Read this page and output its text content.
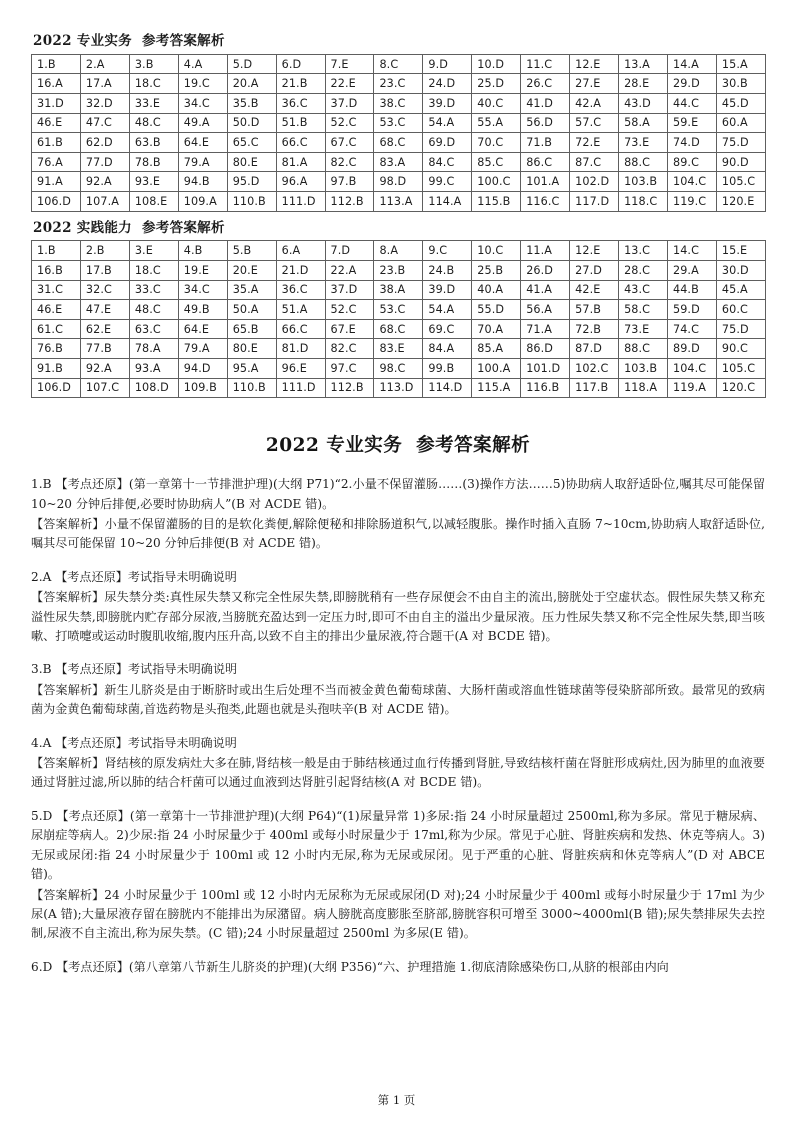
2022 专业实务  参考答案解析
1.B	2.A	3.B	4.A	5.D	6.D	7.E	8.C	9.D	10.D	11.C	12.E	13.A	14.A	15.A
16.A	17.A	18.C	19.C	20.A	21.B	22.E	23.C	24.D	25.D	26.C	27.E	28.E	29.D	30.B
31.D	32.D	33.E	34.C	35.B	36.C	37.D	38.C	39.D	40.C	41.D	42.A	43.D	44.C	45.D
46.E	47.C	48.C	49.A	50.D	51.B	52.C	53.C	54.A	55.A	56.D	57.C	58.A	59.E	60.A
61.B	62.D	63.B	64.E	65.C	66.C	67.C	68.C	69.D	70.C	71.B	72.E	73.E	74.D	75.D
76.A	77.D	78.B	79.A	80.E	81.A	82.C	83.A	84.C	85.C	86.C	87.C	88.C	89.C	90.D
91.A	92.A	93.E	94.B	95.D	96.A	97.B	98.D	99.C	100.C	101.A	102.D	103.B	104.C	105.C
106.D	107.A	108.E	109.A	110.B	111.D	112.B	113.A	114.A	115.B	116.C	117.D	118.C	119.C	120.E
2022 实践能力  参考答案解析
1.B	2.B	3.E	4.B	5.B	6.A	7.D	8.A	9.C	10.C	11.A	12.E	13.C	14.C	15.E
16.B	17.B	18.C	19.E	20.E	21.D	22.A	23.B	24.B	25.B	26.D	27.D	28.C	29.A	30.D
31.C	32.C	33.C	34.C	35.A	36.C	37.D	38.A	39.D	40.A	41.A	42.E	43.C	44.B	45.A
46.E	47.E	48.C	49.B	50.A	51.A	52.C	53.C	54.A	55.D	56.A	57.B	58.C	59.D	60.C
61.C	62.E	63.C	64.E	65.B	66.C	67.E	68.C	69.C	70.A	71.A	72.B	73.E	74.C	75.D
76.B	77.B	78.A	79.A	80.E	81.D	82.C	83.E	84.A	85.A	86.D	87.D	88.C	89.D	90.C
91.B	92.A	93.A	94.D	95.A	96.E	97.C	98.C	99.B	100.A	101.D	102.C	103.B	104.C	105.C
106.D	107.C	108.D	109.B	110.B	111.D	112.B	113.D	114.D	115.A	116.B	117.B	118.A	119.A	120.C
2022 专业实务  参考答案解析

1.B 【考点还原】(第一章第十一节排泄护理)(大纲 P71)“2.小量不保留灌肠……(3)操作方法……5)协助病人取舒适卧位,嘱其尽可能保留 10~20 分钟后排便,必要时协助病人”(B 对 ACDE 错)。

【答案解析】小量不保留灌肠的目的是软化粪便,解除便秘和排除肠道积气,以减轻腹胀。操作时插入直肠 7~10cm,协助病人取舒适卧位,嘱其尽可能保留 10~20 分钟后排便(B 对 ACDE 错)。

2.A 【考点还原】考试指导未明确说明

【答案解析】尿失禁分类:真性尿失禁又称完全性尿失禁,即膀胱稍有一些存尿便会不由自主的流出,膀胱处于空虚状态。假性尿失禁又称充溢性尿失禁,即膀胱内贮存部分尿液,当膀胱充盈达到一定压力时,即可不由自主的溢出少量尿液。压力性尿失禁又称不完全性尿失禁,即当咳嗽、打喷嚏或运动时腹肌收缩,腹内压升高,以致不自主的排出少量尿液,符合题干(A 对 BCDE 错)。

3.B 【考点还原】考试指导未明确说明

【答案解析】新生儿脐炎是由于断脐时或出生后处理不当而被金黄色葡萄球菌、大肠杆菌或溶血性链球菌等侵染脐部所致。最常见的致病菌为金黄色葡萄球菌,首选药物是头孢类,此题也就是头孢呋辛(B 对 ACDE 错)。

4.A 【考点还原】考试指导未明确说明

【答案解析】肾结核的原发病灶大多在肺,肾结核一般是由于肺结核通过血行传播到肾脏,导致结核杆菌在肾脏形成病灶,因为肺里的血液要通过肾脏过滤,所以肺的结合杆菌可以通过血液到达肾脏引起肾结核(A 对 BCDE 错)。

5.D 【考点还原】(第一章第十一节排泄护理)(大纲 P64)“(1)尿量异常 1)多尿:指 24 小时尿量超过 2500ml,称为多尿。常见于糖尿病、尿崩症等病人。2)少尿:指 24 小时尿量少于 400ml 或每小时尿量少于 17ml,称为少尿。常见于心脏、肾脏疾病和发热、休克等病人。3)无尿或尿闭:指 24 小时尿量少于 100ml 或 12 小时内无尿,称为无尿或尿闭。见于严重的心脏、肾脏疾病和休克等病人”(D 对 ABCE 错)。

【答案解析】24 小时尿量少于 100ml 或 12 小时内无尿称为无尿或尿闭(D 对);24 小时尿量少于 400ml 或每小时尿量少于 17ml 为少尿(A 错);大量尿液存留在膀胱内不能排出为尿潴留。病人膀胱高度膨胀至脐部,膀胱容积可增至 3000~4000ml(B 错);尿失禁排尿失去控制,尿液不自主流出,称为尿失禁。(C 错);24 小时尿量超过 2500ml 为多尿(E 错)。

6.D 【考点还原】(第八章第八节新生儿脐炎的护理)(大纲 P356)“六、护理措施 1.彻底清除感染伤口,从脐的根部由内向

第 1 页
